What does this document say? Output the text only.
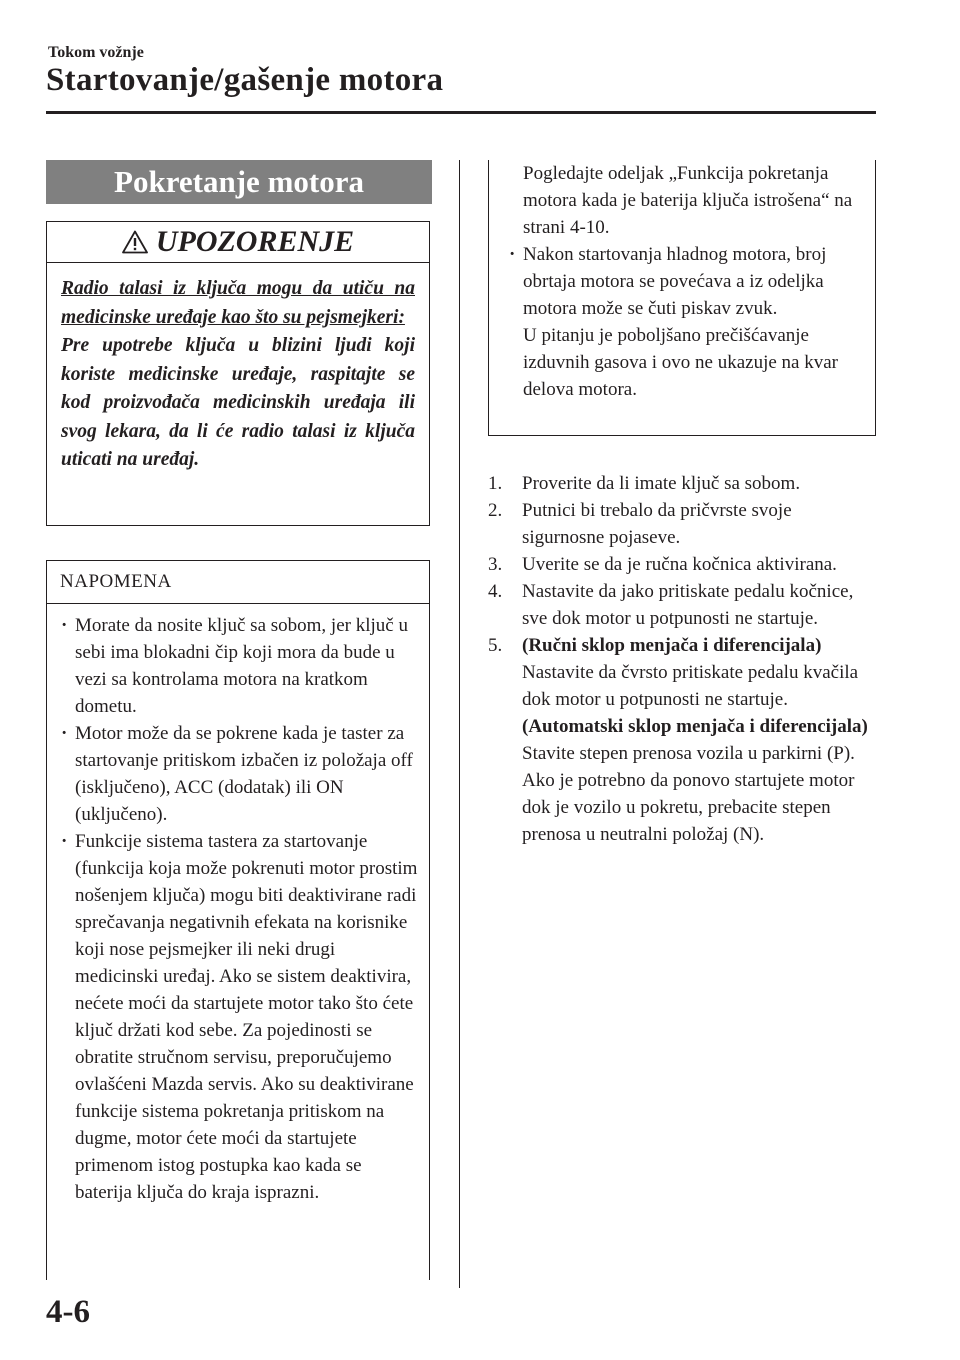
Tokom vožnje
Startovanje/gašenje motora
Pokretanje motora
UPOZORENJE
Radio talasi iz ključa mogu da utiču na medicinske uređaje kao što su pejsmejkeri:
Pre upotrebe ključa u blizini ljudi koji koriste medicinske uređaje, raspitajte se kod proizvođača medicinskih uređaja ili svog lekara, da li će radio talasi iz ključa uticati na uređaj.
NAPOMENA
· Morate da nosite ključ sa sobom, jer ključ u sebi ima blokadni čip koji mora da bude u vezi sa kontrolama motora na kratkom dometu.
· Motor može da se pokrene kada je taster za startovanje pritiskom izbačen iz položaja off (isključeno), ACC (dodatak) ili ON (uključeno).
· Funkcije sistema tastera za startovanje (funkcija koja može pokrenuti motor prostim nošenjem ključa) mogu biti deaktivirane radi sprečavanja negativnih efekata na korisnike koji nose pejsmejker ili neki drugi medicinski uređaj. Ako se sistem deaktivira, nećete moći da startujete motor tako što ćete ključ držati kod sebe. Za pojedinosti se obratite stručnom servisu, preporučujemo ovlašćeni Mazda servis. Ako su deaktivirane funkcije sistema pokretanja pritiskom na dugme, motor ćete moći da startujete primenom istog postupka kao kada se baterija ključa do kraja isprazni.
Pogledajte odeljak „Funkcija pokretanja motora kada je baterija ključa istrošena“ na strani 4-10.
· Nakon startovanja hladnog motora, broj obrtaja motora se povećava a iz odeljka motora može se čuti piskav zvuk.
U pitanju je poboljšano prečišćavanje izduvnih gasova i ovo ne ukazuje na kvar delova motora.
1. Proverite da li imate ključ sa sobom.
2. Putnici bi trebalo da pričvrste svoje sigurnosne pojaseve.
3. Uverite se da je ručna kočnica aktivirana.
4. Nastavite da jako pritiskate pedalu kočnice, sve dok motor u potpunosti ne startuje.
5. (Ručni sklop menjača i diferencijala)
Nastavite da čvrsto pritiskate pedalu kvačila dok motor u potpunosti ne startuje.
(Automatski sklop menjača i diferencijala)
Stavite stepen prenosa vozila u parkirni (P). Ako je potrebno da ponovo startujete motor dok je vozilo u pokretu, prebacite stepen prenosa u neutralni položaj (N).
4-6
